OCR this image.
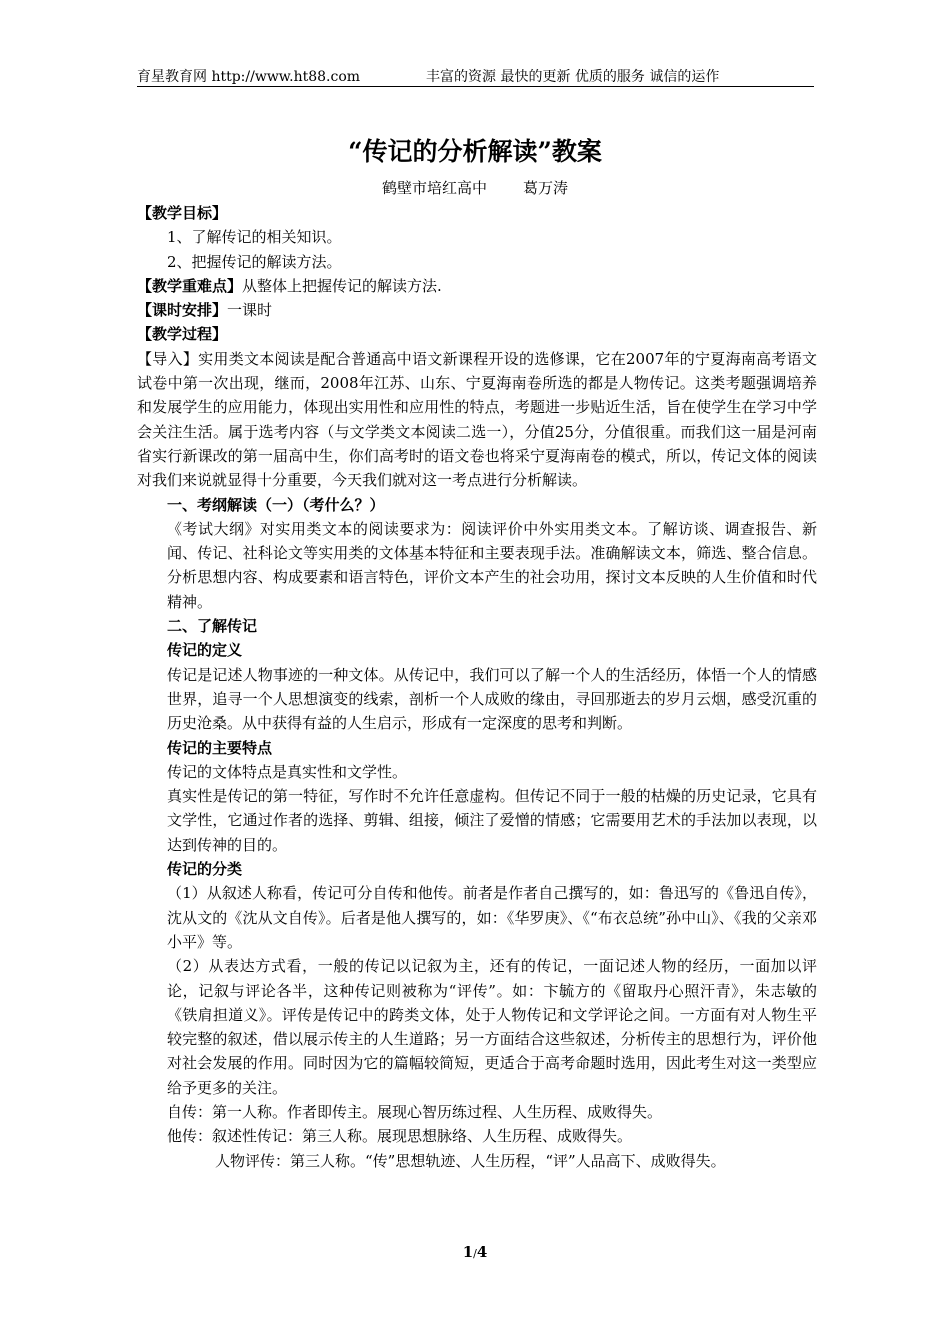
育星教育网 http://www.ht88.com	丰富的资源 最快的更新 优质的服务 诚信的运作
“传记的分析解读”教案
鹤壁市培红高中 葛万涛

【教学目标】

1、了解传记的相关知识。

2、把握传记的解读方法。

【教学重难点】从整体上把握传记的解读方法.

【课时安排】一课时

【教学过程】

【导入】实用类文本阅读是配合普通高中语文新课程开设的选修课，它在2007年的宁夏海南高考语文试卷中第一次出现，继而，2008年江苏、山东、宁夏海南卷所选的都是人物传记。这类考题强调培养和发展学生的应用能力，体现出实用性和应用性的特点，考题进一步贴近生活，旨在使学生在学习中学会关注生活。属于选考内容（与文学类文本阅读二选一），分值25分，分值很重。而我们这一届是河南省实行新课改的第一届高中生，你们高考时的语文卷也将采宁夏海南卷的模式，所以，传记文体的阅读对我们来说就显得十分重要，今天我们就对这一考点进行分析解读。

一、考纲解读（一）（考什么？）

《考试大纲》对实用类文本的阅读要求为：阅读评价中外实用类文本。了解访谈、调查报告、新闻、传记、社科论文等实用类的文体基本特征和主要表现手法。准确解读文本，筛选、整合信息。分析思想内容、构成要素和语言特色，评价文本产生的社会功用，探讨文本反映的人生价值和时代精神。

二、了解传记

传记的定义

传记是记述人物事迹的一种文体。从传记中，我们可以了解一个人的生活经历，体悟一个人的情感世界，追寻一个人思想演变的线索，剖析一个人成败的缘由，寻回那逝去的岁月云烟，感受沉重的历史沧桑。从中获得有益的人生启示，形成有一定深度的思考和判断。

传记的主要特点

传记的文体特点是真实性和文学性。

真实性是传记的第一特征，写作时不允许任意虚构。但传记不同于一般的枯燥的历史记录，它具有文学性，它通过作者的选择、剪辑、组接，倾注了爱憎的情感；它需要用艺术的手法加以表现，以达到传神的目的。

传记的分类

（1）从叙述人称看，传记可分自传和他传。前者是作者自己撰写的，如：鲁迅写的《鲁迅自传》，沈从文的《沈从文自传》。后者是他人撰写的，如：《华罗庚》、《“布衣总统”孙中山》、《我的父亲邓小平》等。

（2）从表达方式看，一般的传记以记叙为主，还有的传记，一面记述人物的经历，一面加以评论，记叙与评论各半，这种传记则被称为“评传”。如：卞毓方的《留取丹心照汗青》，朱志敏的《铁肩担道义》。评传是传记中的跨类文体，处于人物传记和文学评论之间。一方面有对人物生平较完整的叙述，借以展示传主的人生道路；另一方面结合这些叙述，分析传主的思想行为，评价他对社会发展的作用。同时因为它的篇幅较简短，更适合于高考命题时选用，因此考生对这一类型应给予更多的关注。

自传：第一人称。作者即传主。展现心智历练过程、人生历程、成败得失。

他传：叙述性传记：第三人称。展现思想脉络、人生历程、成败得失。

人物评传：第三人称。“传”思想轨迹、人生历程，“评”人品高下、成败得失。

1/4
